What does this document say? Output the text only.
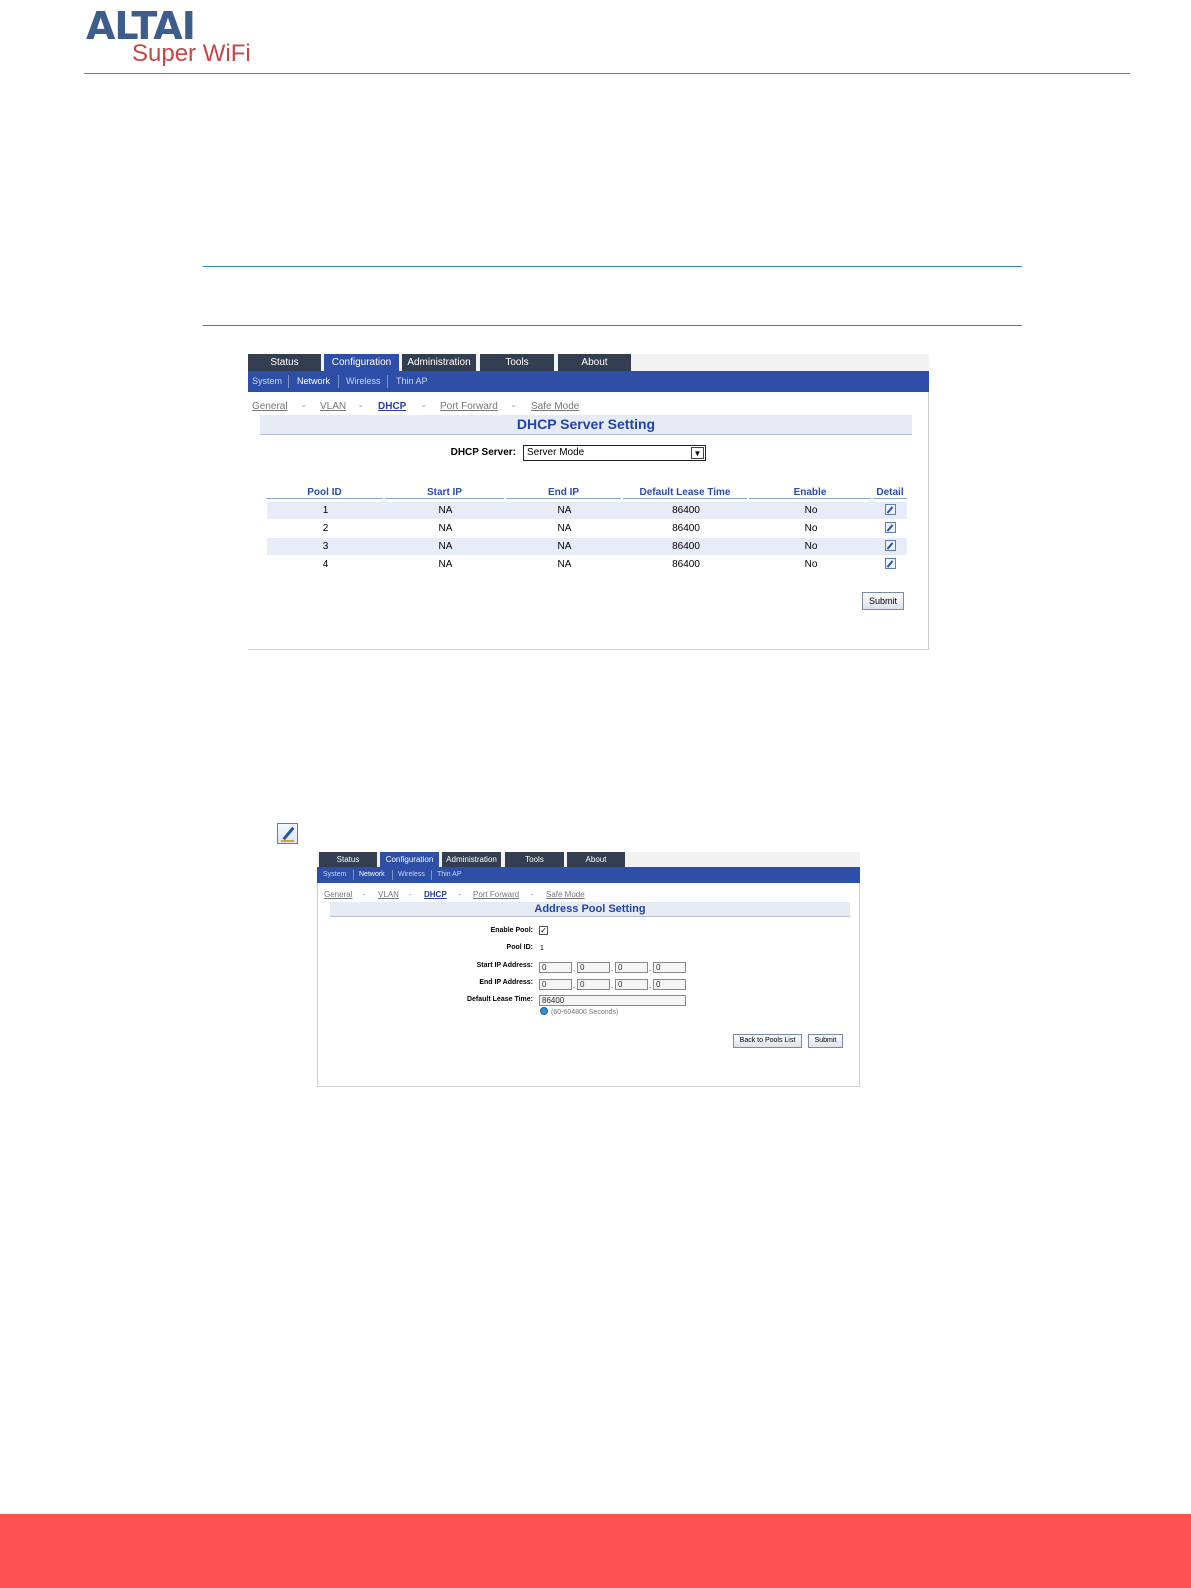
ALTAI
Super WiFi
Status	Configuration	Administration	Tools	About
System Network Wireless Thin AP
General - VLAN - DHCP - Port Forward - Safe Mode
DHCP Server Setting
DHCP Server:	Server Mode	▼
Pool ID	Start IP	End IP	Default Lease Time	Enable	Detail
1	NA	NA	86400	No
2	NA	NA	86400	No
3	NA	NA	86400	No
4	NA	NA	86400	No
Submit
Status	Configuration	Administration	Tools	About
System Network Wireless Thin AP
General - VLAN - DHCP - Port Forward - Safe Mode
Address Pool Setting
Enable Pool: ✓
Pool ID: 1
Start IP Address:	0	. 0	. 0	. 0
End IP Address:	0	. 0	. 0	. 0
Default Lease Time:	86400
(60-604800 Seconds)
Back to Pools List	Submit
